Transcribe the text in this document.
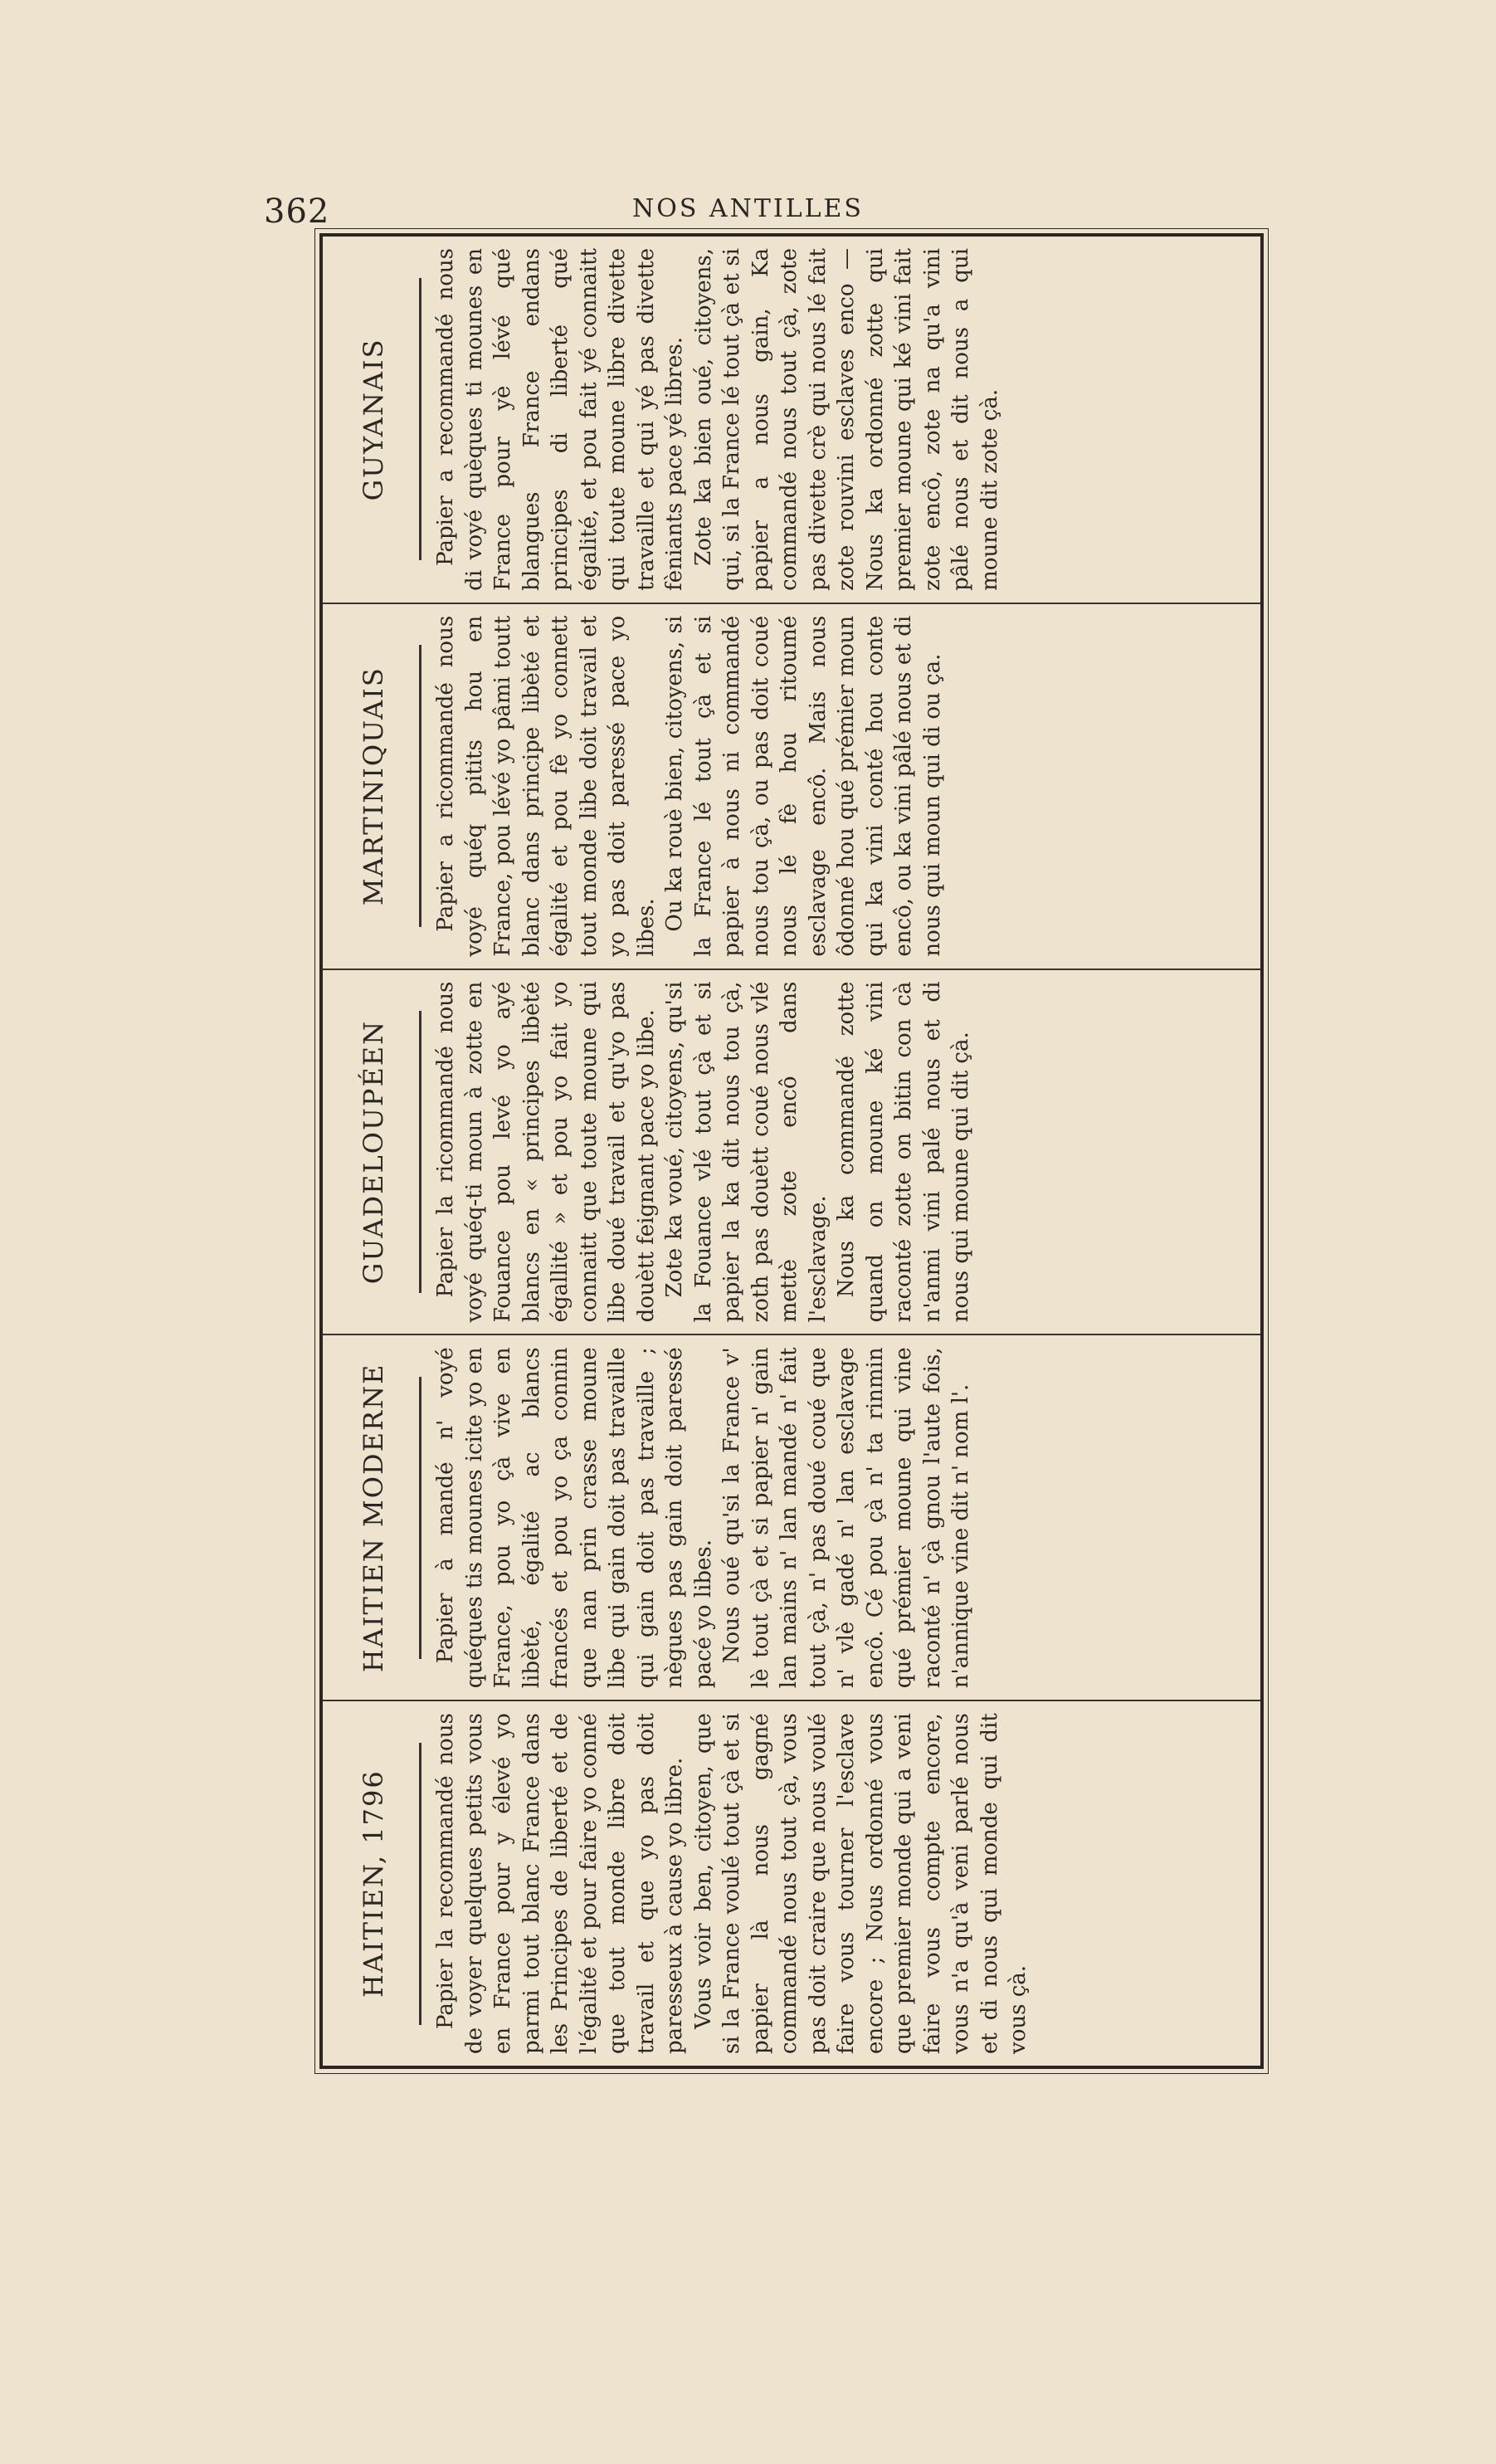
362	NOS ANTILLES
HAITIEN, 1796 Papier la recommandé nous de voyer quelques petits vous en France pour y élevé yo parmi tout blanc France dans les Principes de liberté et de l'égalité et pour faire yo conné que tout monde libre doit travail et que yo pas doit paresseux à cause yo libre. Vous voir ben, citoyen, que si la France voulé tout çà et si papier là nous gagné commandé nous tout çà, vous pas doit craire que nous voulé faire vous tourner l'esclave encore ; Nous ordonné vous que premier monde qui a veni faire vous compte encore, vous n'a qu'à veni parlé nous et di nous qui monde qui dit vous çà.

HAITIEN MODERNE Papier à mandé n' voyé quéques tis mounes icite yo en France, pou yo çà vive en libèté, égalité ac blancs francés et pou yo ça connin que nan prin crasse moune libe qui gain doit pas travaille qui gain doit pas travaille ; nègues pas gain doit paressé pacé yo libes. Nous oué qu'si la France v' lè tout çà et si papier n' gain lan mains n' lan mandé n' fait tout çà, n' pas doué coué que n' vlè gadé n' lan esclavage encô. Cé pou çà n' ta rinmin qué prémier moune qui vine raconté n' çà gnou l'aute fois, n'annique vine dit n' nom l'.

GUADELOUPÉEN Papier la ricommandé nous voyé quéq-ti moun à zotte en Fouance pou levé yo ayé blancs en « principes libèté égallité » et pou yo fait yo connaitt que toute moune qui libe doué travail et qu'yo pas douètt feignant pace yo libe. Zote ka voué, citoyens, qu'si la Fouance vlé tout çà et si papier la ka dit nous tou çà, zoth pas douètt coué nous vlé mettè zote encô dans l'esclavage. Nous ka commandé zotte quand on moune ké vini raconté zotte on bitin con cà n'anmi vini palé nous et di nous qui moune qui dit çà.

MARTINIQUAIS Papier a ricommandé nous voyé quéq pitits hou en France, pou lévé yo pâmi toutt blanc dans principe libèté et égalité et pou fè yo connett tout monde libe doit travail et yo pas doit paressé pace yo libes. Ou ka rouè bien, citoyens, si la France lé tout çà et si papier à nous ni commandé nous tou çà, ou pas doit coué nous lé fè hou ritoumé esclavage encô. Mais nous ôdonné hou qué prémier moun qui ka vini conté hou conte encô, ou ka vini pâlé nous et di nous qui moun qui di ou ça.

GUYANAIS Papier a recommandé nous di voyé quèques ti mounes en France pour yè lévé qué blangues France endans principes di liberté qué égalité, et pou fait yé connaitt qui toute moune libre divette travaille et qui yé pas divette fèniants pace yé libres. Zote ka bien oué, citoyens, qui, si la France lé tout çà et si papier a nous gain, Ka commandé nous tout çà, zote pas divette crè qui nous lé fait zote rouvini esclaves enco — Nous ka ordonné zotte qui premier moune qui ké vini fait zote encô, zote na qu'a vini pâlé nous et dit nous a qui moune dit zote çà.
